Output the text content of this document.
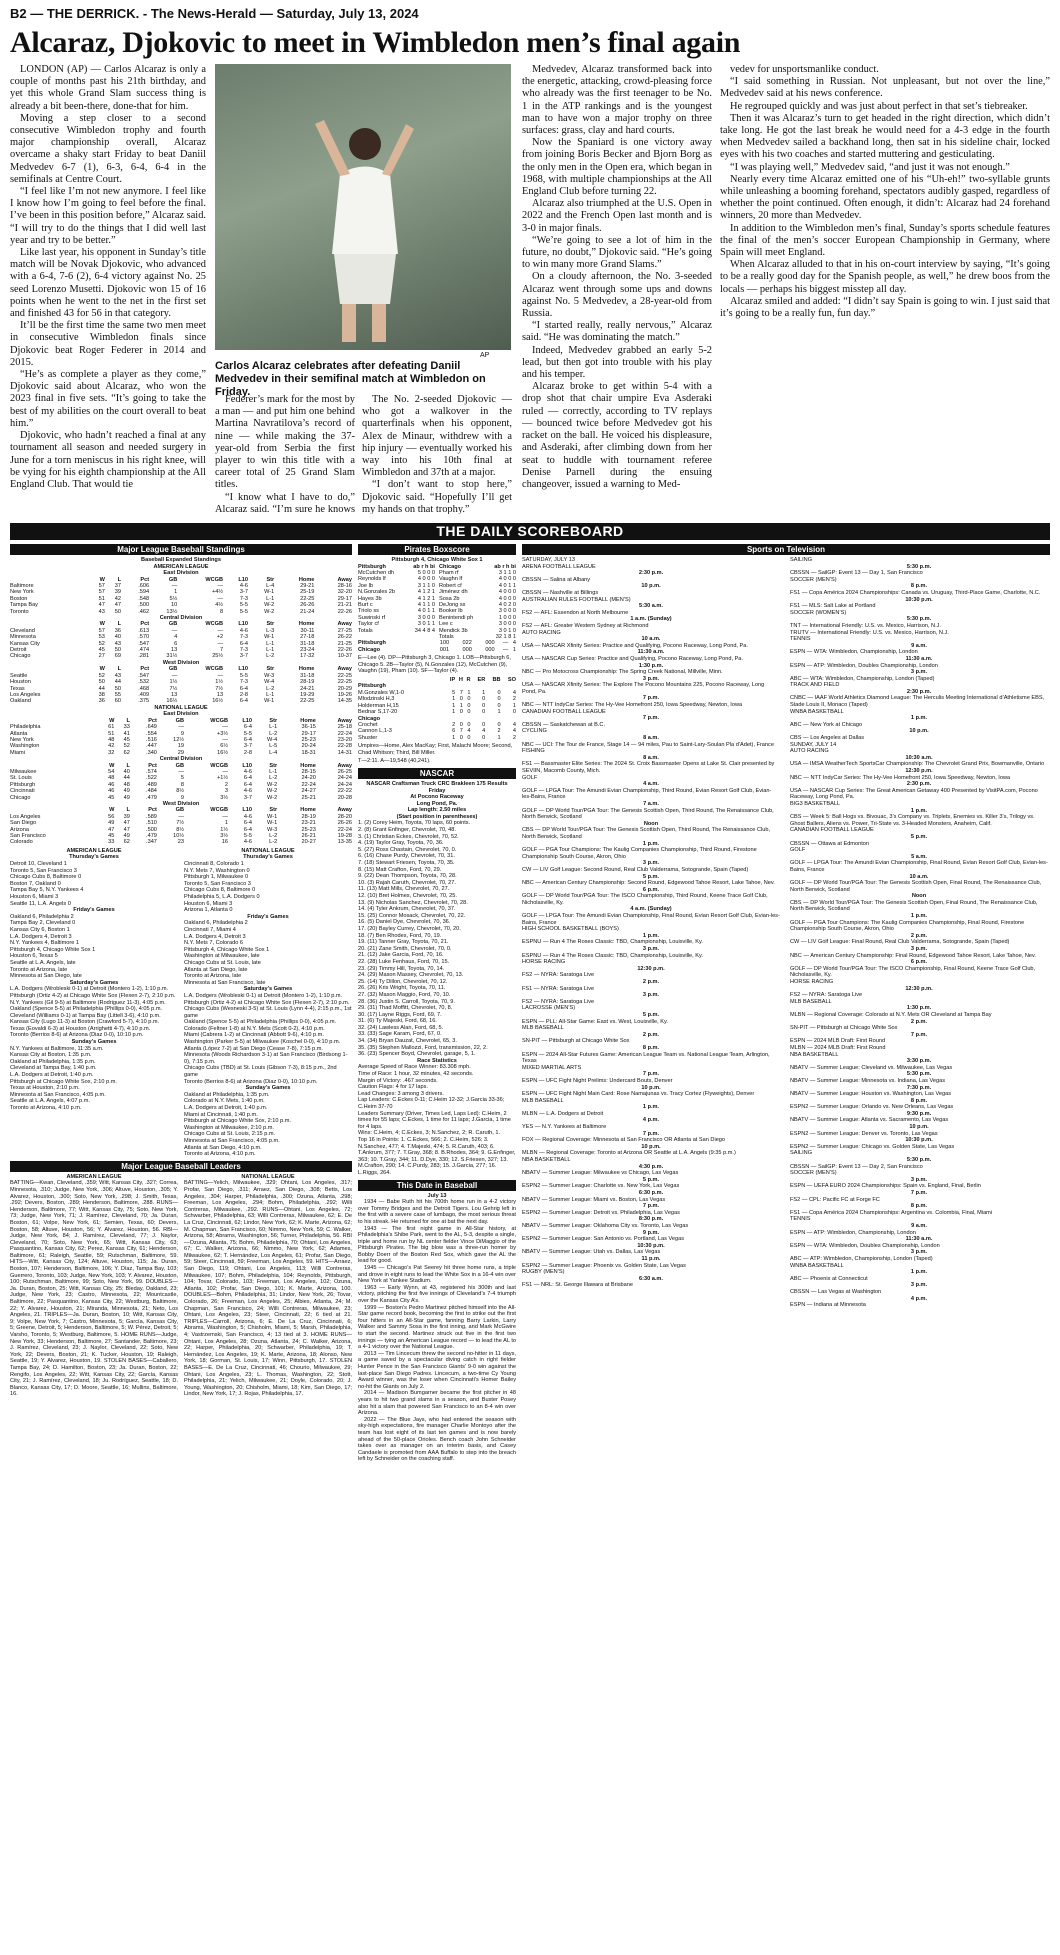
B2 — THE DERRICK. - The News-Herald — Saturday, July 13, 2024
Alcaraz, Djokovic to meet in Wimbledon men’s final again

LONDON (AP) — Carlos Alcaraz is only a couple of months past his 21th birthday, and yet this whole Grand Slam success thing is already a bit been-there, done-that for him.

Moving a step closer to a second consecutive Wimbledon trophy and fourth major championship overall, Alcaraz overcame a shaky start Friday to beat Daniil Medvedev 6-7 (1), 6-3, 6-4, 6-4 in the semifinals at Centre Court.

“I feel like I’m not new anymore. I feel like I know how I’m going to feel before the final. I’ve been in this position before,” Alcaraz said. “I will try to do the things that I did well last year and try to be better.”

Like last year, his opponent in Sunday’s title match will be Novak Djokovic, who advanced with a 6-4, 7-6 (2), 6-4 victory against No. 25 seed Lorenzo Musetti. Djokovic won 15 of 16 points when he went to the net in the first set and finished 43 for 56 in that category.

It’ll be the first time the same two men meet in consecutive Wimbledon finals since Djokovic beat Roger Federer in 2014 and 2015.

“He’s as complete a player as they come,” Djokovic said about Alcaraz, who won the 2023 final in five sets. “It’s going to take the best of my abilities on the court overall to beat him.”

Djokovic, who hadn’t reached a final at any tournament all season and needed surgery in June for a torn meniscus in his right knee, will be vying for his eighth championship at the All England Club. That would tie

AP
Carlos Alcaraz celebrates after defeating Daniil Medvedev in their semifinal match at Wimbledon on Friday.

Federer’s mark for the most by a man — and put him one behind Martina Navratilova’s record of nine — while making the 37-year-old from Serbia the first player to win this title with a career total of 25 Grand Slam titles.

“I know what I have to do,” Alcaraz said. “I’m sure he knows

The No. 2-seeded Djokovic — who got a walkover in the quarterfinals when his opponent, Alex de Minaur, withdrew with a hip injury — eventually worked his way into his 10th final at Wimbledon and 37th at a major.

“I don’t want to stop here,” Djokovic said. “Hopefully I’ll get my hands on that trophy.”

Medvedev, Alcaraz transformed back into the energetic, attacking, crowd-pleasing force who already was the first teenager to be No. 1 in the ATP rankings and is the youngest man to have won a major trophy on three surfaces: grass, clay and hard courts.

Now the Spaniard is one victory away from joining Boris Becker and Bjorn Borg as the only men in the Open era, which began in 1968, with multiple championships at the All England Club before turning 22.

Alcaraz also triumphed at the U.S. Open in 2022 and the French Open last month and is 3-0 in major finals.

“We’re going to see a lot of him in the future, no doubt,” Djokovic said. “He’s going to win many more Grand Slams.”

On a cloudy afternoon, the No. 3-seeded Alcaraz went through some ups and downs against No. 5 Medvedev, a 28-year-old from Russia.

“I started really, really nervous,” Alcaraz said. “He was dominating the match.”

Indeed, Medvedev grabbed an early 5-2 lead, but then got into trouble with his play and his temper.

Alcaraz broke to get within 5-4 with a drop shot that chair umpire Eva Asderaki ruled — correctly, according to TV replays — bounced twice before Medvedev got his racket on the ball. He voiced his displeasure, and Asderaki, after climbing down from her seat to huddle with tournament referee Denise Parnell during the ensuing changeover, issued a warning to Med-

vedev for unsportsmanlike conduct.

“I said something in Russian. Not unpleasant, but not over the line,” Medvedev said at his news conference.

He regrouped quickly and was just about perfect in that set’s tiebreaker.

Then it was Alcaraz’s turn to get headed in the right direction, which didn’t take long. He got the last break he would need for a 4-3 edge in the fourth when Medvedev sailed a backhand long, then sat in his sideline chair, locked eyes with his two coaches and started muttering and gesticulating.

“I was playing well,” Medvedev said, “and just it was not enough.”

Nearly every time Alcaraz emitted one of his “Uh-eh!” two-syllable grunts while unleashing a booming forehand, spectators audibly gasped, regardless of whether the point continued. Often enough, it didn’t: Alcaraz had 24 forehand winners, 20 more than Medvedev.

In addition to the Wimbledon men’s final, Sunday’s sports schedule features the final of the men’s soccer European Championship in Germany, where Spain will meet England.

When Alcaraz alluded to that in his on-court interview by saying, “It’s going to be a really good day for the Spanish people, as well,” he drew boos from the locals — perhaps his biggest misstep all day.

Alcaraz smiled and added: “I didn’t say Spain is going to win. I just said that it’s going to be a really fun, fun day.”

THE DAILY SCOREBOARD
Major League Baseball Standings
Baseball Expanded Standings
AMERICAN LEAGUE
East Division									
	W	L	Pct	GB	WCGB	L10	Str	Home	Away
Baltimore	57	37	.606	—	—	4-6	L-4	29-21	28-16
New York	57	39	.594	1	+4½	3-7	W-1	25-19	32-20
Boston	51	42	.548	5½	—	7-3	L-1	22-25	29-17
Tampa Bay	47	47	.500	10	4½	5-5	W-2	26-26	21-21
Toronto	43	50	.462	13½	8	5-5	W-2	21-24	22-26
Central Division									
	W	L	Pct	GB	WCGB	L10	Str	Home	Away
Cleveland	57	36	.613	—	—	4-6	L-3	30-11	27-25
Minnesota	53	40	.570	4	+2	7-3	W-1	27-18	26-22
Kansas City	52	43	.547	6	—	6-4	L-1	31-18	21-25
Detroit	45	50	.474	13	7	7-3	L-1	23-24	22-26
Chicago	27	69	.281	31½	25½	3-7	L-2	17-32	10-37
West Division									
	W	L	Pct	GB	WCGB	L10	Str	Home	Away
Seattle	52	43	.547	—	—	5-5	W-3	31-18	22-25
Houston	50	44	.532	1½	1½	7-3	W-4	28-19	22-25
Texas	44	50	.468	7½	7½	6-4	L-2	24-21	20-29
Los Angeles	38	55	.409	13	13	2-8	L-1	19-29	19-26
Oakland	36	60	.375	16½	16½	6-4	W-1	22-25	14-35
NATIONAL LEAGUE
East Division									
	W	L	Pct	GB	WCGB	L10	Str	Home	Away
Philadelphia	61	33	.649	—	—	6-4	L-1	36-15	25-18
Atlanta	51	41	.554	9	+3½	5-5	L-2	29-17	22-24
New York	48	45	.516	12½	—	6-4	W-4	25-23	23-20
Washington	42	52	.447	19	6½	3-7	L-5	20-24	22-28
Miami	32	62	.340	29	16½	2-8	L-4	18-31	14-31
Central Division									
	W	L	Pct	GB	WCGB	L10	Str	Home	Away
Milwaukee	54	40	.574	—	—	4-6	L-1	28-15	26-25
St. Louis	48	44	.522	5	+1½	6-4	L-2	24-20	24-24
Pittsburgh	46	48	.489	8	2	6-4	W-2	22-24	24-24
Cincinnati	46	49	.484	8½	3	4-6	W-2	24-27	22-22
Chicago	45	49	.479	9	3½	3-7	W-2	25-21	20-28
West Division									
	W	L	Pct	GB	WCGB	L10	Str	Home	Away
Los Angeles	56	39	.589	—	—	4-6	W-1	28-19	28-20
San Diego	49	47	.510	7½	1	6-4	W-1	23-21	26-26
Arizona	47	47	.500	8½	1½	6-4	W-3	25-23	22-24
San Francisco	45	49	.479	10½	3½	5-5	L-2	26-21	19-28
Colorado	33	62	.347	23	16	4-6	L-2	20-27	13-35
AMERICAN LEAGUE
Thursday’s Games
Detroit 10, Cleveland 1
Toronto 5, San Francisco 3
Chicago Cubs 8, Baltimore 0
Boston 7, Oakland 0
Tampa Bay 5, N.Y. Yankees 4
Houston 6, Miami 3
Seattle 11, L.A. Angels 0
Friday’s Games
Oakland 6, Philadelphia 2
Tampa Bay 2, Cleveland 0
Kansas City 6, Boston 1
L.A. Dodgers 4, Detroit 3
N.Y. Yankees 4, Baltimore 1
Pittsburgh 4, Chicago White Sox 1
Houston 6, Texas 5
Seattle at L.A. Angels, late
Toronto at Arizona, late
Minnesota at San Diego, late
Saturday’s Games
L.A. Dodgers (Wrobleski 0-1) at Detroit (Montero 1-2), 1:10 p.m.
Pittsburgh (Ortiz 4-2) at Chicago White Sox (Flexen 2-7), 2:10 p.m.
N.Y. Yankees (Gil 9-5) at Baltimore (Rodriguez 11-3), 4:05 p.m.
Oakland (Spence 5-5) at Philadelphia (Phillips 0-0), 4:05 p.m.
Cleveland (Williams 0-1) at Tampa Bay (Littell 3-6), 4:10 p.m.
Kansas City (Lugo 11-3) at Boston (Crawford 5-7), 4:10 p.m.
Texas (Eovaldi 6-3) at Houston (Arrighetti 4-7), 4:10 p.m.
Toronto (Berrios 8-6) at Arizona (Diaz 0-0), 10:10 p.m.
Sunday’s Games
N.Y. Yankees at Baltimore, 11:35 a.m.
Kansas City at Boston, 1:35 p.m.
Oakland at Philadelphia, 1:35 p.m.
Cleveland at Tampa Bay, 1:40 p.m.
L.A. Dodgers at Detroit, 1:40 p.m.
Pittsburgh at Chicago White Sox, 2:10 p.m.
Texas at Houston, 2:10 p.m.
Minnesota at San Francisco, 4:05 p.m.
Seattle at L.A. Angels, 4:07 p.m.
Toronto at Arizona, 4:10 p.m.
NATIONAL LEAGUE
Thursday’s Games
Cincinnati 8, Colorado 1
N.Y. Mets 7, Washington 0
Pittsburgh 1, Milwaukee 0
Toronto 5, San Francisco 3
Chicago Cubs 8, Baltimore 0
Philadelphia 5, L.A. Dodgers 0
Houston 6, Miami 3
Arizona 1, Atlanta 0
Friday’s Games
Oakland 6, Philadelphia 2
Cincinnati 7, Miami 4
L.A. Dodgers 4, Detroit 3
N.Y. Mets 7, Colorado 6
Pittsburgh 4, Chicago White Sox 1
Washington at Milwaukee, late
Chicago Cubs at St. Louis, late
Atlanta at San Diego, late
Toronto at Arizona, late
Minnesota at San Francisco, late
Saturday’s Games
L.A. Dodgers (Wrobleski 0-1) at Detroit (Montero 1-2), 1:10 p.m.
Pittsburgh (Ortiz 4-2) at Chicago White Sox (Flexen 2-7), 2:10 p.m.
Chicago Cubs (Wesneski 3-5) at St. Louis (Lynn 4-4), 2:15 p.m., 1st game
Oakland (Spence 5-5) at Philadelphia (Phillips 0-0), 4:05 p.m.
Colorado (Feltner 1-8) at N.Y. Mets (Scott 0-2), 4:10 p.m.
Miami (Cabrera 1-2) at Cincinnati (Abbott 9-6), 4:10 p.m.
Washington (Parker 5-5) at Milwaukee (Koschel 0-0), 4:10 p.m.
Atlanta (López 7-2) at San Diego (Cease 7-8), 7:15 p.m.
Minnesota (Woods Richardson 3-1) at San Francisco (Birdsong 1-0), 7:15 p.m.
Chicago Cubs (TBD) at St. Louis (Gibson 7-3), 8:15 p.m., 2nd game
Toronto (Berrios 8-6) at Arizona (Diaz 0-0), 10:10 p.m.
Sunday’s Games
Oakland at Philadelphia, 1:35 p.m.
Colorado at N.Y. Mets, 1:40 p.m.
L.A. Dodgers at Detroit, 1:40 p.m.
Miami at Cincinnati, 1:40 p.m.
Pittsburgh at Chicago White Sox, 2:10 p.m.
Washington at Milwaukee, 2:10 p.m.
Chicago Cubs at St. Louis, 2:15 p.m.
Minnesota at San Francisco, 4:05 p.m.
Atlanta at San Diego, 4:10 p.m.
Toronto at Arizona, 4:10 p.m.
Major League Baseball Leaders
AMERICAN LEAGUE
BATTING—Kwan, Cleveland, .359; Witt, Kansas City, .327; Correa, Minnesota, .310; Judge, New York, .306; Altuve, Houston, .305; Y. Alvarez, Houston, .300; Soto, New York, .298; J. Smith, Texas, .292; Devers, Boston, .289; Henderson, Baltimore, .288. RUNS—Henderson, Baltimore, 77; Witt, Kansas City, 75; Soto, New York, 73; Judge, New York, 71; J. Ramírez, Cleveland, 70; Ja. Duran, Boston, 61; Volpe, New York, 61; Semien, Texas, 60; Devers, Boston, 58; Altuve, Houston, 56; Y. Alvarez, Houston, 56. RBI—Judge, New York, 84; J. Ramírez, Cleveland, 77; J. Naylor, Cleveland, 70; Soto, New York, 65; Witt, Kansas City, 63; Pasquantino, Kansas City, 62; Perez, Kansas City, 61; Henderson, Baltimore, 61; Raleigh, Seattle, 59; Rutschman, Baltimore, 59. HITS—Witt, Kansas City, 124; Altuve, Houston, 115; Ja. Duran, Boston, 107; Henderson, Baltimore, 106; Y. Díaz, Tampa Bay, 103; Guerrero, Toronto, 103; Judge, New York, 103; Y. Alvarez, Houston, 100; Rutschman, Baltimore, 99; Soto, New York, 99. DOUBLES—Ja. Duran, Boston, 25; Witt, Kansas City, 25; Bleday, Oakland, 23; Judge, New York, 23; Castro, Minnesota, 22; Mountcastle, Baltimore, 22; Pasquantino, Kansas City, 22; Westburg, Baltimore, 22; Y. Alvarez, Houston, 21; Miranda, Minnesota, 21; Neto, Los Angeles, 21. TRIPLES—Ja. Duran, Boston, 10; Witt, Kansas City, 9; Volpe, New York, 7; Castro, Minnesota, 5; García, Kansas City, 5; Greene, Detroit, 5; Henderson, Baltimore, 5; W. Pérez, Detroit, 5; Varsho, Toronto, 5; Westburg, Baltimore, 5. HOME RUNS—Judge, New York, 33; Henderson, Baltimore, 27; Santander, Baltimore, 23; J. Ramírez, Cleveland, 23; J. Naylor, Cleveland, 22; Soto, New York, 22; Devers, Boston, 21; K. Tucker, Houston, 19; Raleigh, Seattle, 19; Y. Alvarez, Houston, 19. STOLEN BASES—Caballero, Tampa Bay, 24; D. Hamilton, Boston, 23; Ja. Duran, Boston, 22; Rengifo, Los Angeles, 22; Witt, Kansas City, 22; García, Kansas City, 21; J. Ramírez, Cleveland, 18; Ju. Rodríguez, Seattle, 18; D. Blanco, Kansas City, 17; D. Moore, Seattle, 16; Mullins, Baltimore, 16.
NATIONAL LEAGUE
BATTING—Yelich, Milwaukee, .329; Ohtani, Los Angeles, .317; Profar, San Diego, .311; Arraez, San Diego, .308; Betts, Los Angeles, .304; Harper, Philadelphia, .300; Ozuna, Atlanta, .298; Freeman, Los Angeles, .294; Bohm, Philadelphia, .292; Willi Contreras, Milwaukee, .292. RUNS—Ohtani, Los Angeles, 72; Schwarber, Philadelphia, 63; Willi Contreras, Milwaukee, 62; E. De La Cruz, Cincinnati, 62; Lindor, New York, 62; K. Marte, Arizona, 62; M. Chapman, San Francisco, 60; Nimmo, New York, 59; C. Walker, Arizona, 58; Abrams, Washington, 56; Turner, Philadelphia, 56. RBI—Ozuna, Atlanta, 75; Bohm, Philadelphia, 70; Ohtani, Los Angeles, 67; C. Walker, Arizona, 66; Nimmo, New York, 62; Adames, Milwaukee, 62; T. Hernández, Los Angeles, 61; Profar, San Diego, 59; Steer, Cincinnati, 59; Freeman, Los Angeles, 59. HITS—Arraez, San Diego, 119; Ohtani, Los Angeles, 113; Willi Contreras, Milwaukee, 107; Bohm, Philadelphia, 104; Reynolds, Pittsburgh, 104; Tovar, Colorado, 103; Freeman, Los Angeles, 102; Ozuna, Atlanta, 102; Profar, San Diego, 101; K. Marte, Arizona, 100. DOUBLES—Bohm, Philadelphia, 31; Lindor, New York, 26; Tovar, Colorado, 26; Freeman, Los Angeles, 25; Albies, Atlanta, 24; M. Chapman, San Francisco, 24; Willi Contreras, Milwaukee, 23; Ohtani, Los Angeles, 23; Steer, Cincinnati, 22; 6 tied at 21. TRIPLES—Carroll, Arizona, 6; E. De La Cruz, Cincinnati, 6; Abrams, Washington, 5; Chisholm, Miami, 5; Marsh, Philadelphia, 4; Vastrzemski, San Francisco, 4; 13 tied at 3. HOME RUNS—Ohtani, Los Angeles, 28; Ozuna, Atlanta, 24; C. Walker, Arizona, 22; Harper, Philadelphia, 20; Schwarber, Philadelphia, 19; T. Hernández, Los Angeles, 19; K. Marte, Arizona, 18; Alonso, New York, 18; Gorman, St. Louis, 17; Winn, Pittsburgh, 17. STOLEN BASES—E. De La Cruz, Cincinnati, 46; Chourio, Milwaukee, 29; Ohtani, Los Angeles, 23; L. Thomas, Washington, 22; Stott, Philadelphia, 21; Yelich, Milwaukee, 21; Doyle, Colorado, 20; J. Young, Washington, 20; Chisholm, Miami, 18; Kim, San Diego, 17; Lindor, New York, 17; J. Rojas, Philadelphia, 17.
Pirates Boxscore
Pittsburgh 4, Chicago White Sox 1
Pittsburgh	ab r h bi
McCutchen dh	5 0 0 0
Reynolds lf	4 0 0 0
Joe lb	3 1 1 0
N.Gonzales 2b	4 1 2 1
Hayes 3b	4 1 2 1
Burt c	4 1 1 0
Triolo ss	4 0 1 1
Suwinski rf	3 0 0 0
Taylor cf	3 0 1 1
Totals	34 4 8 4
Chicago	ab r h bi
Pham rf	3 1 1 0
Vaughn lf	4 0 0 0
Robert cf	4 0 1 1
Jiménez dh	4 0 0 0
Sosa 2b	4 0 0 0
DeJong ss	4 0 2 0
Booker lb	3 0 0 0
Benintendi ph	1 0 0 0
Lee c	3 0 0 0
Mendick 3b	3 0 1 0
Totals	32 1 8 1
Pittsburgh	100	022	000	—	4
Chicago	001	000	000	—	1
E—Lee (4). DP—Pittsburgh 3, Chicago 1. LOB—Pittsburgh 6, Chicago 5. 2B—Taylor (5), N.Gonzales (12), McCutchen (9), Vaughn (19), Pham (10). SF—Taylor (4).
	IP	H	R	ER	BB	SO
Pittsburgh						
M.Gonzales W,1-0	5	7	1	1	0	4
Mlodzinski H,3	1	0	0	0	0	2
Holderman H,15	1	1	0	0	0	1
Bednar S,17-20	1	0	0	0	1	0
Chicago						
Crochet	2	0	0	0	0	4
Cannon L,1-3	6	7	4	4	2	4
Shuster	1	0	0	0	1	2
Umpires—Home, Alex MacKay; First, Malachi Moore; Second, Chad Whitson; Third, Bill Miller.
T—2:11. A—19,548 (40,241).
NASCAR
NASCAR Craftsman Truck CRC Brakleen 175 Results
Friday
At Pocono Raceway
Long Pond, Pa.
Lap length: 2.50 miles
(Start position in parentheses)
1. (2) Corey Heim, Toyota, 70 laps, 60 points.
2. (8) Grant Enfinger, Chevrolet, 70, 48.
3. (1) Christian Eckes, Chevrolet, 70, 52.
4. (19) Taylor Gray, Toyota, 70, 36.
5. (27) Ross Chastain, Chevrolet, 70, 0.
6. (16) Chase Purdy, Chevrolet, 70, 31.
7. (18) Stewart Friesen, Toyota, 70, 35.
8. (15) Matt Crafton, Ford, 70, 29.
9. (22) Dean Thompson, Toyota, 70, 28.
10. (3) Rajah Caruth, Chevrolet, 70, 27.
11. (13) Matt Mills, Chevrolet, 70, 27.
12. (10) Bret Holmes, Chevrolet, 70, 25.
13. (9) Nicholas Sanchez, Chevrolet, 70, 28.
14. (4) Tyler Ankrum, Chevrolet, 70, 37.
15. (25) Connor Mosack, Chevrolet, 70, 22.
16. (5) Daniel Dye, Chevrolet, 70, 36.
17. (20) Bayley Currey, Chevrolet, 70, 20.
18. (7) Ben Rhodes, Ford, 70, 19.
19. (11) Tanner Gray, Toyota, 70, 21.
20. (21) Zane Smith, Chevrolet, 70, 0.
21. (12) Jake Garcia, Ford, 70, 16.
22. (28) Luke Fenhaus, Ford, 70, 15.
23. (29) Timmy Hill, Toyota, 70, 14.
24. (29) Mason Massey, Chevrolet, 70, 13.
25. (14) Ty Dillon, Chevrolet, 70, 12.
26. (26) Kris Wright, Toyota, 70, 11.
27. (32) Mason Maggio, Ford, 70, 10.
28. (36) Justin S. Carroll, Toyota, 70, 9.
29. (31) Thad Moffitt, Chevrolet, 70, 8.
30. (17) Layne Riggs, Ford, 69, 7.
31. (6) Ty Majeski, Ford, 68, 16.
32. (24) Lawless Alan, Ford, 68, 5.
33. (33) Sage Karam, Ford, 67, 0.
34. (34) Bryan Dauzat, Chevrolet, 65, 3.
35. (35) Stephen Mallozzi, Ford, transmission, 22, 2.
36. (23) Spencer Boyd, Chevrolet, garage, 5, 1.
Race Statistics
Average Speed of Race Winner: 83.308 mph.
Time of Race: 1 hour, 32 minutes, 42 seconds.
Margin of Victory: .467 seconds.
Caution Flags: 4 for 17 laps.
Lead Changes: 3 among 3 drivers.
Lap Leaders: C.Eckes 0-11; C.Heim 12-32; J.Garcia 33-36; C.Heim 37-70
Leaders Summary (Driver, Times Led, Laps Led): C.Heim, 2 times for 55 laps; C.Eckes, 1 time for 11 laps; J.Garcia, 1 time for 4 laps.
Wins: C.Heim, 4; C.Eckes, 3; N.Sanchez, 2; R. Caruth, 1.
Top 16 in Points: 1. C.Eckes, 566; 2. C.Heim, 526; 3. N.Sanchez, 477; 4. T.Majeski, 474; 5. R.Caruth, 403; 6. T.Ankrum, 377; 7. T.Gray, 368; 8. B.Rhodes, 364; 9. G.Enfinger, 363; 10. T.Gray, 344; 11. D.Dye, 330; 12. S.Friesen, 327; 13. M.Crafton, 290; 14. C.Purdy, 283; 15. J.Garcia, 277; 16. L.Riggs, 264.
This Date in Baseball
July 13
1934 — Babe Ruth hit his 700th home run in a 4-2 victory over Tommy Bridges and the Detroit Tigers. Lou Gehrig left in the first with a severe case of lumbago, the most serious threat to his streak. He returned for one at bat the next day.
1943 — The first night game in All-Star history, at Philadelphia’s Shibe Park, went to the AL, 5-3, despite a single, triple and home run by NL center fielder Vince DiMaggio of the Pittsburgh Pirates. The big blow was a three-run homer by Bobby Doerr of the Boston Red Sox, which gave the AL the lead for good.
1945 — Chicago’s Pat Seerey hit three home runs, a triple and drove in eight runs to lead the White Sox in a 16-4 win over New York at Yankee Stadium.
1963 — Early Wynn, at 43, registered his 300th and last victory, pitching the first five innings of Cleveland’s 7-4 triumph over the Kansas City A’s.
1999 — Boston’s Pedro Martinez pitched himself into the All-Star game record book, becoming the first to strike out the first four hitters in an All-Star game, fanning Barry Larkin, Larry Walker and Sammy Sosa in the first inning, and Mark McGwire to start the second. Martinez struck out five in the first two innings — tying an American League record — to lead the AL to a 4-1 victory over the National League.
2013 — Tim Lincecum threw the second no-hitter in 11 days, a game saved by a spectacular diving catch in right fielder Hunter Pence in the San Francisco Giants’ 9-0 win against the last-place San Diego Padres. Lincecum, a two-time Cy Young Award winner, was the loser when Cincinnati’s Homer Bailey no-hit the Giants on July 2.
2014 — Madison Bumgarner became the first pitcher in 48 years to hit two grand slams in a season, and Buster Posey also hit a slam that powered San Francisco to an 8-4 win over Arizona.
2022 — The Blue Jays, who had entered the season with sky-high expectations, fire manager Charlie Montoyo after the team has lost eight of its last ten games and is now barely ahead of the 50-place Orioles. Bench coach John Schneider takes over as manager on an interim basis, and Casey Candaele is promoted from AAA Buffalo to step into the breach left by Schneider on the coaching staff.
Sports on Television
SATURDAY, JULY 13
ARENA FOOTBALL LEAGUE
2:30 p.m.
CBSSN — Salina at Albany
10 p.m.
CBSSN — Nashville at Billings
AUSTRALIAN RULES FOOTBALL (MEN’S)
5:30 a.m.
FS2 — AFL: Essendon at North Melbourne
1 a.m. (Sunday)
FS2 — AFL: Greater Western Sydney at Richmond
AUTO RACING
10 a.m.
USA — NASCAR Xfinity Series: Practice and Qualifying, Pocono Raceway, Long Pond, Pa.
11:30 a.m.
USA — NASCAR Cup Series: Practice and Qualifying, Pocono Raceway, Long Pond, Pa.
1:30 p.m.
NBC — Pro Motocross Championship: The Spring Creek National, Millville, Minn.
3 p.m.
USA — NASCAR Xfinity Series: The Explore The Pocono Mountains 225, Pocono Raceway, Long Pond, Pa.
7 p.m.
NBC — NTT IndyCar Series: The Hy-Vee Homefront 250, Iowa Speedway, Newton, Iowa
CANADIAN FOOTBALL LEAGUE
7 p.m.
CBSSN — Saskatchewan at B.C.
CYCLING
8 a.m.
NBC — UCI: The Tour de France, Stage 14 — 94 miles, Pau to Saint-Lary-Soulan Pla d’Adet), France
FISHING
8 a.m.
FS1 — Bassmaster Elite Series: The 2024 St. Croix Bassmaster Opens at Lake St. Clair presented by SEVIIN, Macomb County, Mich.
GOLF
4 a.m.
GOLF — LPGA Tour: The Amundi Evian Championship, Third Round, Evian Resort Golf Club, Evian-les-Bains, France
7 a.m.
GOLF — DP World Tour/PGA Tour: The Genesis Scottish Open, Third Round, The Renaissance Club, North Berwick, Scotland
Noon
CBS — DP World Tour/PGA Tour: The Genesis Scottish Open, Third Round, The Renaissance Club, North Berwick, Scotland
1 p.m.
GOLF — PGA Tour Champions: The Kaulig Companies Championship, Third Round, Firestone Championship South Course, Akron, Ohio
3 p.m.
CW — LIV Golf League: Second Round, Real Club Valderrama, Sotogrande, Spain (Taped)
5 p.m.
NBC — American Century Championship: Second Round, Edgewood Tahoe Resort, Lake Tahoe, Nev.
6 p.m.
GOLF — DP World Tour/PGA Tour: The ISCO Championship, Third Round, Keene Trace Golf Club, Nicholasville, Ky.
4 a.m. (Sunday)
GOLF — LPGA Tour: The Amundi Evian Championship, Final Round, Evian Resort Golf Club, Evian-les-Bains, France
HIGH SCHOOL BASKETBALL (BOYS)
1 p.m.
ESPNU — Run 4 The Roses Classic: TBD, Championship, Louisville, Ky.
3 p.m.
ESPNU — Run 4 The Roses Classic: TBD, Championship, Louisville, Ky.
HORSE RACING
12:30 p.m.
FS2 — NYRA: Saratoga Live
2 p.m.
FS1 — NYRA: Saratoga Live
3 p.m.
FS2 — NYRA: Saratoga Live
LACROSSE (MEN’S)
5 p.m.
ESPN — PLL: All-Star Game: East vs. West, Louisville, Ky.
MLB BASEBALL
2 p.m.
SN-PIT — Pittsburgh at Chicago White Sox
8 p.m.
ESPN — 2024 All-Star Futures Game: American League Team vs. National League Team, Arlington, Texas
MIXED MARTIAL ARTS
7 p.m.
ESPN — UFC Fight Night Prelims: Undercard Bouts, Denver
10 p.m.
ESPN — UFC Fight Night Main Card: Rose Namajunas vs. Tracy Cortez (Flyweights), Denver
MLB BASEBALL
1 p.m.
MLBN — L.A. Dodgers at Detroit
4 p.m.
YES — N.Y. Yankees at Baltimore
7 p.m.
FOX — Regional Coverage: Minnesota at San Francisco OR Atlanta at San Diego
10 p.m.
MLBN — Regional Coverage: Toronto at Arizona OR Seattle at L.A. Angels (9:35 p.m.)
NBA BASKETBALL
4:30 p.m.
NBATV — Summer League: Milwaukee vs Chicago, Las Vegas
5 p.m.
ESPN2 — Summer League: Charlotte vs. New York, Las Vegas
6:30 p.m.
NBATV — Summer League: Miami vs. Boston, Las Vegas
7 p.m.
ESPN2 — Summer League: Detroit vs. Philadelphia, Las Vegas
8:30 p.m.
NBATV — Summer League: Oklahoma City vs. Toronto, Las Vegas
9 p.m.
ESPN2 — Summer League: San Antonio vs. Portland, Las Vegas
10:30 p.m.
NBATV — Summer League: Utah vs. Dallas, Las Vegas
11 p.m.
ESPN2 — Summer League: Phoenix vs. Golden State, Las Vegas
RUGBY (MEN’S)
6:30 a.m.
FS1 — NRL: St. George Illawara at Brisbane
SAILING
5:30 p.m.
CBSSN — SailGP: Event 13 — Day 1, San Francisco
SOCCER (MEN’S)
8 p.m.
FS1 — Copa América 2024 Championships: Canada vs. Uruguay, Third-Place Game, Charlotte, N.C.
10:30 p.m.
FS1 — MLS: Salt Lake at Portland
SOCCER (WOMEN’S)
5:30 p.m.
TNT — International Friendly: U.S. vs. Mexico, Harrison, N.J.
TRUTV — International Friendly: U.S. vs. Mexico, Harrison, N.J.
TENNIS
9 a.m.
ESPN — WTA: Wimbledon, Championship, London
11:30 a.m.
ESPN — ATP: Wimbledon, Doubles Championship, London
3 p.m.
ABC — WTA: Wimbledon, Championship, London (Taped)
TRACK AND FIELD
2:30 p.m.
CNBC — IAAF World Athletics Diamond League: The Herculis Meeting International d’Athletisme EBS, Stade Louis II, Monaco (Taped)
WNBA BASKETBALL
1 p.m.
ABC — New York at Chicago
10 p.m.
CBS — Los Angeles at Dallas
SUNDAY, JULY 14
AUTO RACING
10:30 a.m.
USA — IMSA WeatherTech SportsCar Championship: The Chevrolet Grand Prix, Bowmanville, Ontario
12:30 p.m.
NBC — NTT IndyCar Series: The Hy-Vee Homefront 250, Iowa Speedway, Newton, Iowa
2:30 p.m.
USA — NASCAR Cup Series: The Great American Getaway 400 Presented by VisitPA.com, Pocono Raceway, Long Pond, Pa.
BIG3 BASKETBALL
1 p.m.
CBS — Week 5: Ball Hogs vs. Bivouac, 3’s Company vs. Triplets, Enemies vs. Killer 3’s, Trilogy vs. Ghost Ballers, Aliens vs. Power, Tri-State vs. 3-Headed Monsters, Anaheim, Calif.
CANADIAN FOOTBALL LEAGUE
5 p.m.
CBSSN — Ottawa at Edmonton
GOLF
5 a.m.
GOLF — LPGA Tour: The Amundi Evian Championship, Final Round, Evian Resort Golf Club, Evian-les-Bains, France
10 a.m.
GOLF — DP World Tour/PGA Tour: The Genesis Scottish Open, Final Round, The Renaissance Club, North Berwick, Scotland
Noon
CBS — DP World Tour/PGA Tour: The Genesis Scottish Open, Final Round, The Renaissance Club, North Berwick, Scotland
1 p.m.
GOLF — PGA Tour Champions: The Kaulig Companies Championship, Final Round, Firestone Championship South Course, Akron, Ohio
2 p.m.
CW — LIV Golf League: Final Round, Real Club Valderrama, Sotogrande, Spain (Taped)
3 p.m.
NBC — American Century Championship: Final Round, Edgewood Tahoe Resort, Lake Tahoe, Nev.
6 p.m.
GOLF — DP World Tour/PGA Tour: The ISCO Championship, Final Round, Keene Trace Golf Club, Nicholasville, Ky.
HORSE RACING
12:30 p.m.
FS2 — NYRA: Saratoga Live
MLB BASEBALL
1:30 p.m.
MLBN — Regional Coverage: Colorado at N.Y. Mets OR Cleveland at Tampa Bay
2 p.m.
SN-PIT — Pittsburgh at Chicago White Sox
7 p.m.
ESPN — 2024 MLB Draft: First Round
MLBN — 2024 MLB Draft: First Round
NBA BASKETBALL
3:30 p.m.
NBATV — Summer League: Cleveland vs. Milwaukee, Las Vegas
5:30 p.m.
NBATV — Summer League: Minnesota vs. Indiana, Las Vegas
7:30 p.m.
NBATV — Summer League: Houston vs. Washington, Las Vegas
8 p.m.
ESPN2 — Summer League: Orlando vs. New Orleans, Las Vegas
9:30 p.m.
NBATV — Summer League: Atlanta vs. Sacramento, Las Vegas
10 p.m.
ESPN2 — Summer League: Denver vs. Toronto, Las Vegas
10:30 p.m.
ESPN2 — Summer League: Chicago vs. Golden State, Las Vegas
SAILING
5:30 p.m.
CBSSN — SailGP: Event 13 — Day 2, San Francisco
SOCCER (MEN’S)
3 p.m.
ESPN — UEFA EURO 2024 Championships: Spain vs. England, Final, Berlin
7 p.m.
FS2 — CPL: Pacific FC at Forge FC
8 p.m.
FS1 — Copa América 2024 Championships: Argentina vs. Colombia, Final, Miami
TENNIS
9 a.m.
ESPN — ATP: Wimbledon, Championship, London
11:30 a.m.
ESPN — WTA: Wimbledon, Doubles Championship, London
3 p.m.
ABC — ATP: Wimbledon, Championship, London (Taped)
WNBA BASKETBALL
1 p.m.
ABC — Phoenix at Connecticut
3 p.m.
CBSSN — Las Vegas at Washington
4 p.m.
ESPN — Indiana at Minnesota
